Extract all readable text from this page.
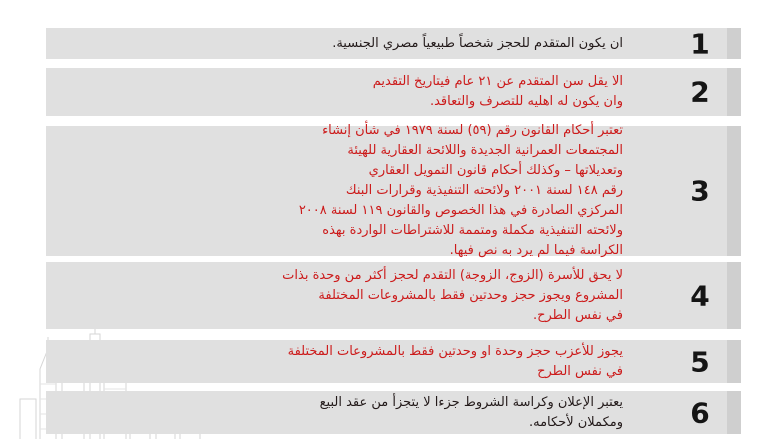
1
ان يكون المتقدم للحجز شخصاً طبيعياً مصري الجنسية.
2
الا يقل سن المتقدم عن ٢١ عام فيتاريخ التقديم
وان يكون له اهليه للتصرف والتعاقد.
3
تعتبر أحكام القانون رقم (٥٩) لسنة ١٩٧٩ في شأن إنشاء
المجتمعات العمرانية الجديدة واللائحة العقارية للهيئة
وتعديلاتها – وكذلك أحكام قانون التمويل العقاري
رقم ١٤٨ لسنة ٢٠٠١ ولائحته التنفيذية وقرارات البنك
المركزي الصادرة في هذا الخصوص والقانون ١١٩ لسنة ٢٠٠٨
ولائحته التنفيذية مكملة ومتممة للاشتراطات الواردة بهذه
الكراسة فيما لم يرد به نص فيها.
4
لا يحق للأسرة (الزوج، الزوجة) التقدم لحجز أكثر من وحدة بذات
المشروع ويجوز حجز وحدتين فقط بالمشروعات المختلفة
في نفس الطرح.
5
يجوز للأعزب حجز وحدة او وحدتين فقط بالمشروعات المختلفة
في نفس الطرح
6
يعتبر الإعلان وكراسة الشروط جزءا لا يتجزأ من عقد البيع
ومكملان لأحكامه.
